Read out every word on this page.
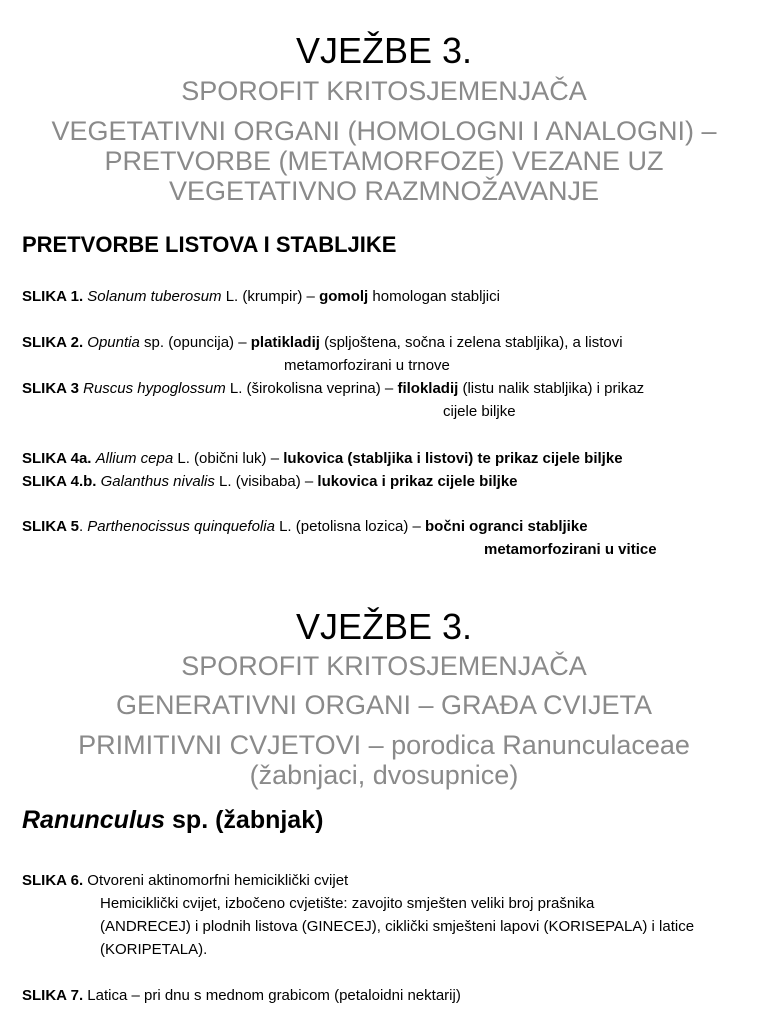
VJEŽBE 3.
SPOROFIT KRITOSJEMENJAČA
VEGETATIVNI ORGANI (HOMOLOGNI I ANALOGNI) –
PRETVORBE (METAMORFOZE) VEZANE UZ
VEGETATIVNO RAZMNOŽAVANJE
PRETVORBE LISTOVA I STABLJIKE
SLIKA 1. Solanum tuberosum L. (krumpir) – gomolj homologan stabljici
SLIKA 2. Opuntia sp. (opuncija) – platikladij (spljoštena, sočna i zelena stabljika), a listovi
metamorfozirani u trnove
SLIKA 3 Ruscus hypoglossum L. (širokolisna veprina) – filokladij (listu nalik stabljika) i prikaz
cijele biljke
SLIKA 4a. Allium cepa L. (obični luk) – lukovica (stabljika i listovi) te prikaz cijele biljke
SLIKA 4.b. Galanthus nivalis L. (visibaba) – lukovica i prikaz cijele biljke
SLIKA 5. Parthenocissus quinquefolia L. (petolisna lozica) – bočni ogranci stabljike
metamorfozirani u vitice
VJEŽBE 3.
SPOROFIT KRITOSJEMENJAČA
GENERATIVNI ORGANI – GRAĐA CVIJETA
PRIMITIVNI CVJETOVI – porodica Ranunculaceae
(žabnjaci, dvosupnice)
Ranunculus sp. (žabnjak)
SLIKA 6. Otvoreni aktinomorfni hemiciklički cvijet
Hemiciklički cvijet, izbočeno cvjetište: zavojito smješten veliki broj prašnika
(ANDRECEJ) i plodnih listova (GINECEJ), ciklički smješteni lapovi (KORISEPALA) i latice
(KORIPETALA).
SLIKA 7. Latica – pri dnu s mednom grabicom (petaloidni nektarij)
